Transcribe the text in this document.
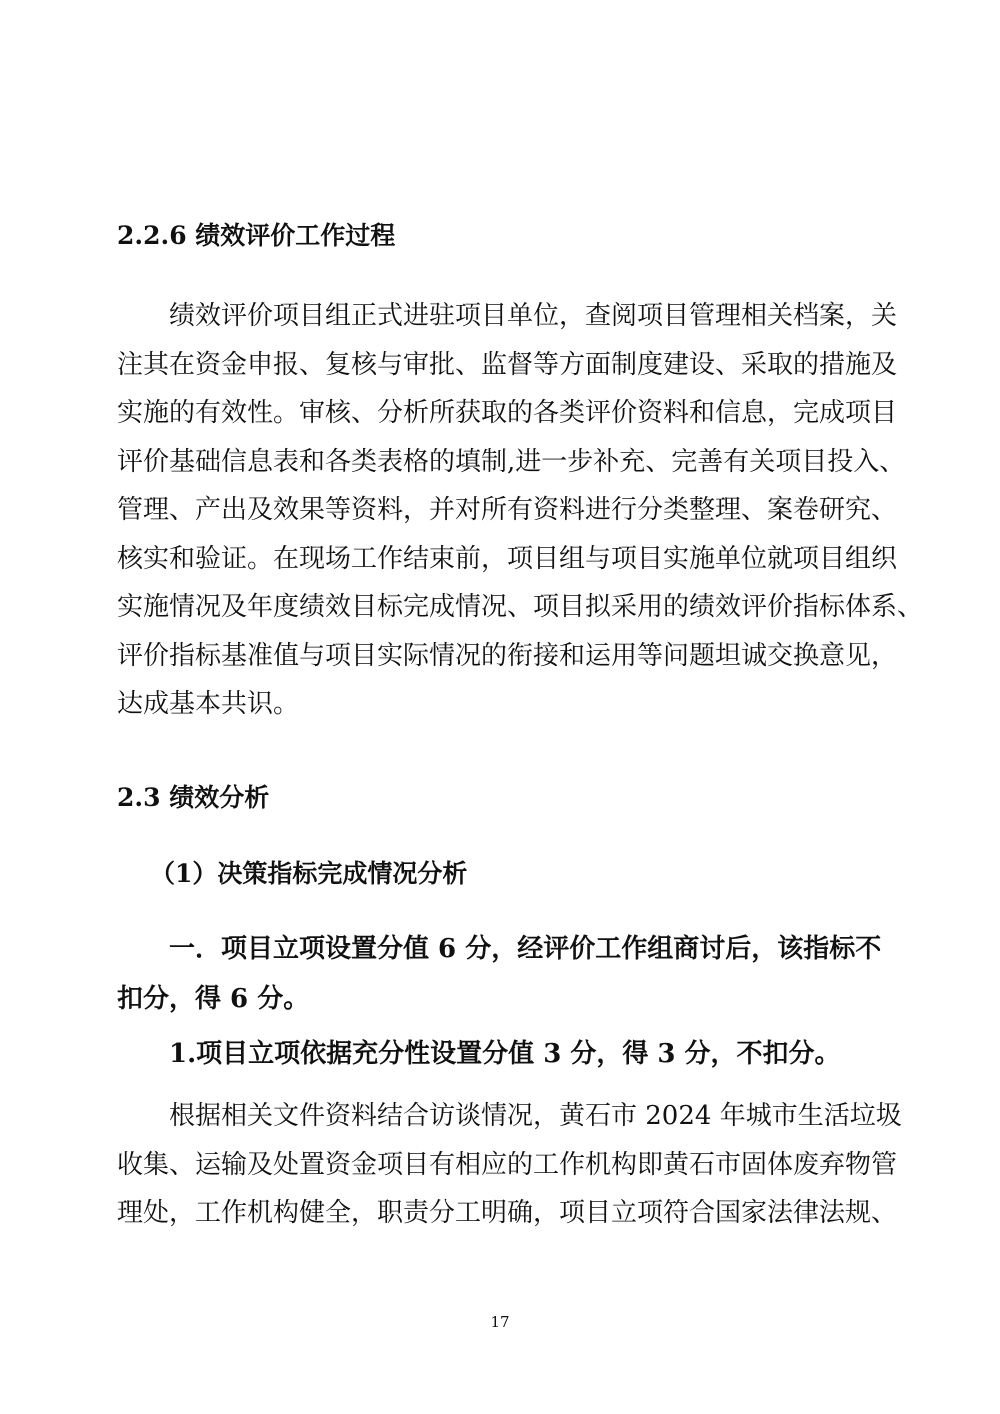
2.2.6 绩效评价工作过程
绩效评价项目组正式进驻项目单位，查阅项目管理相关档案，关
注其在资金申报、复核与审批、监督等方面制度建设、采取的措施及
实施的有效性。审核、分析所获取的各类评价资料和信息，完成项目
评价基础信息表和各类表格的填制,进一步补充、完善有关项目投入、
管理、产出及效果等资料，并对所有资料进行分类整理、案卷研究、
核实和验证。在现场工作结束前，项目组与项目实施单位就项目组织
实施情况及年度绩效目标完成情况、项目拟采用的绩效评价指标体系、
评价指标基准值与项目实际情况的衔接和运用等问题坦诚交换意见，
达成基本共识。
2.3 绩效分析
（1）决策指标完成情况分析
一．项目立项设置分值 6 分，经评价工作组商讨后，该指标不
扣分，得 6 分。
1.项目立项依据充分性设置分值 3 分，得 3 分，不扣分。
根据相关文件资料结合访谈情况，黄石市 2024 年城市生活垃圾
收集、运输及处置资金项目有相应的工作机构即黄石市固体废弃物管
理处，工作机构健全，职责分工明确，项目立项符合国家法律法规、
17
